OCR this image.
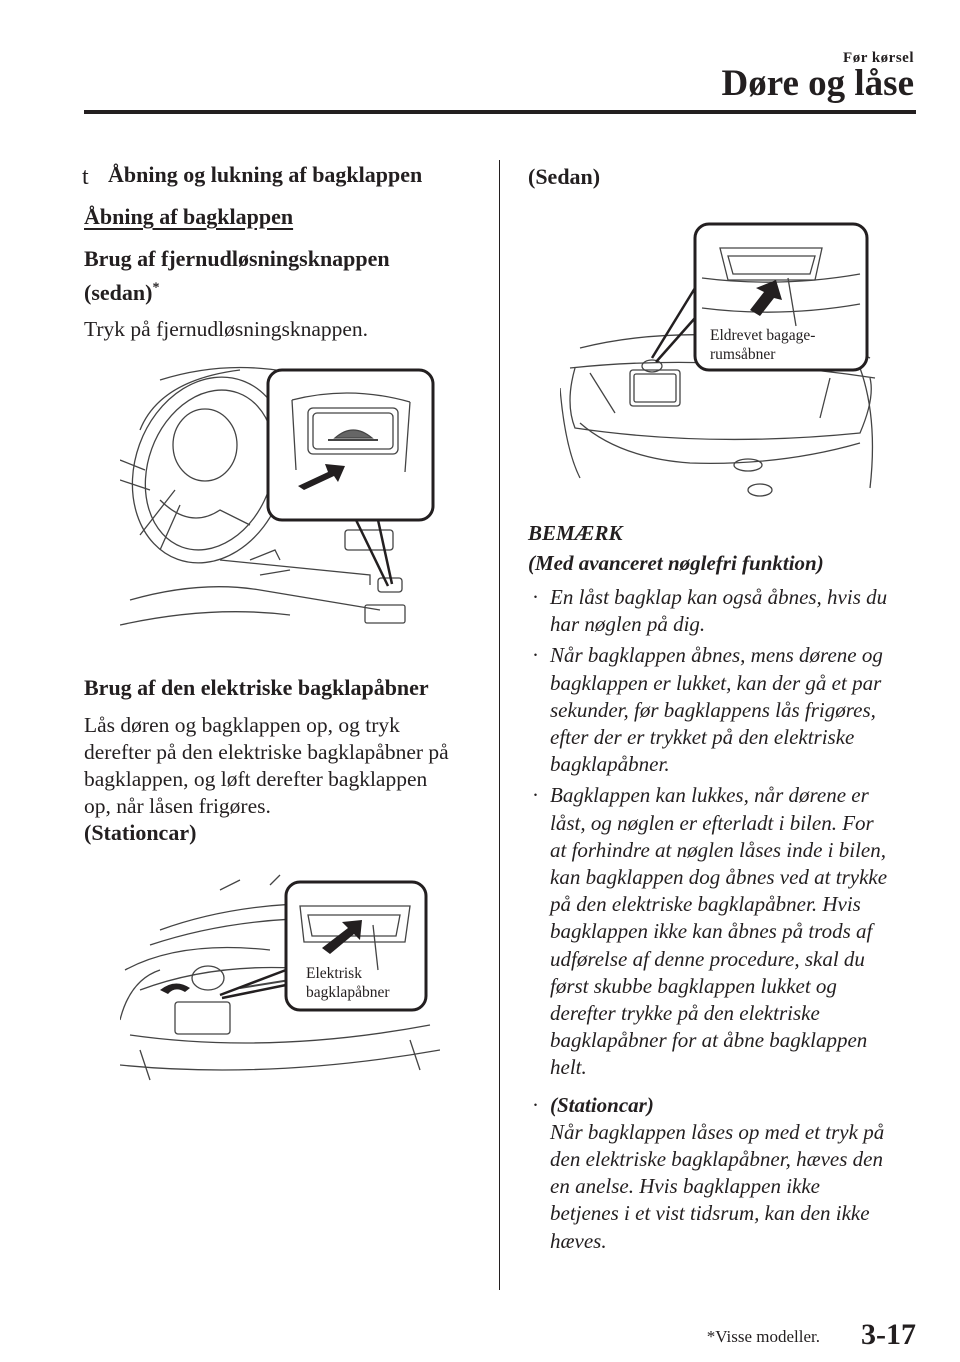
Før kørsel
Døre og låse
t Åbning og lukning af bagklappen
Åbning af bagklappen
Brug af fjernudløsningsknappen
(sedan)*
Tryk på fjernudløsningsknappen.
Brug af den elektriske bagklapåbner
Lås døren og bagklappen op, og tryk
derefter på den elektriske bagklapåbner på
bagklappen, og løft derefter bagklappen
op, når låsen frigøres.
(Stationcar)
Elektrisk
bagklapåbner
(Sedan)
Eldrevet bagage-
rumsåbner
BEMÆRK
(Med avanceret nøglefri funktion)
· En låst bagklap kan også åbnes, hvis du
har nøglen på dig.
· Når bagklappen åbnes, mens dørene og
bagklappen er lukket, kan der gå et par
sekunder, før bagklappens lås frigøres,
efter der er trykket på den elektriske
bagklapåbner.
· Bagklappen kan lukkes, når dørene er
låst, og nøglen er efterladt i bilen. For
at forhindre at nøglen låses inde i bilen,
kan bagklappen dog åbnes ved at trykke
på den elektriske bagklapåbner. Hvis
bagklappen ikke kan åbnes på trods af
udførelse af denne procedure, skal du
først skubbe bagklappen lukket og
derefter trykke på den elektriske
bagklapåbner for at åbne bagklappen
helt.
· (Stationcar)
Når bagklappen låses op med et tryk på
den elektriske bagklapåbner, hæves den
en anelse. Hvis bagklappen ikke
betjenes i et vist tidsrum, kan den ikke
hæves.
*Visse modeller. 3-17
